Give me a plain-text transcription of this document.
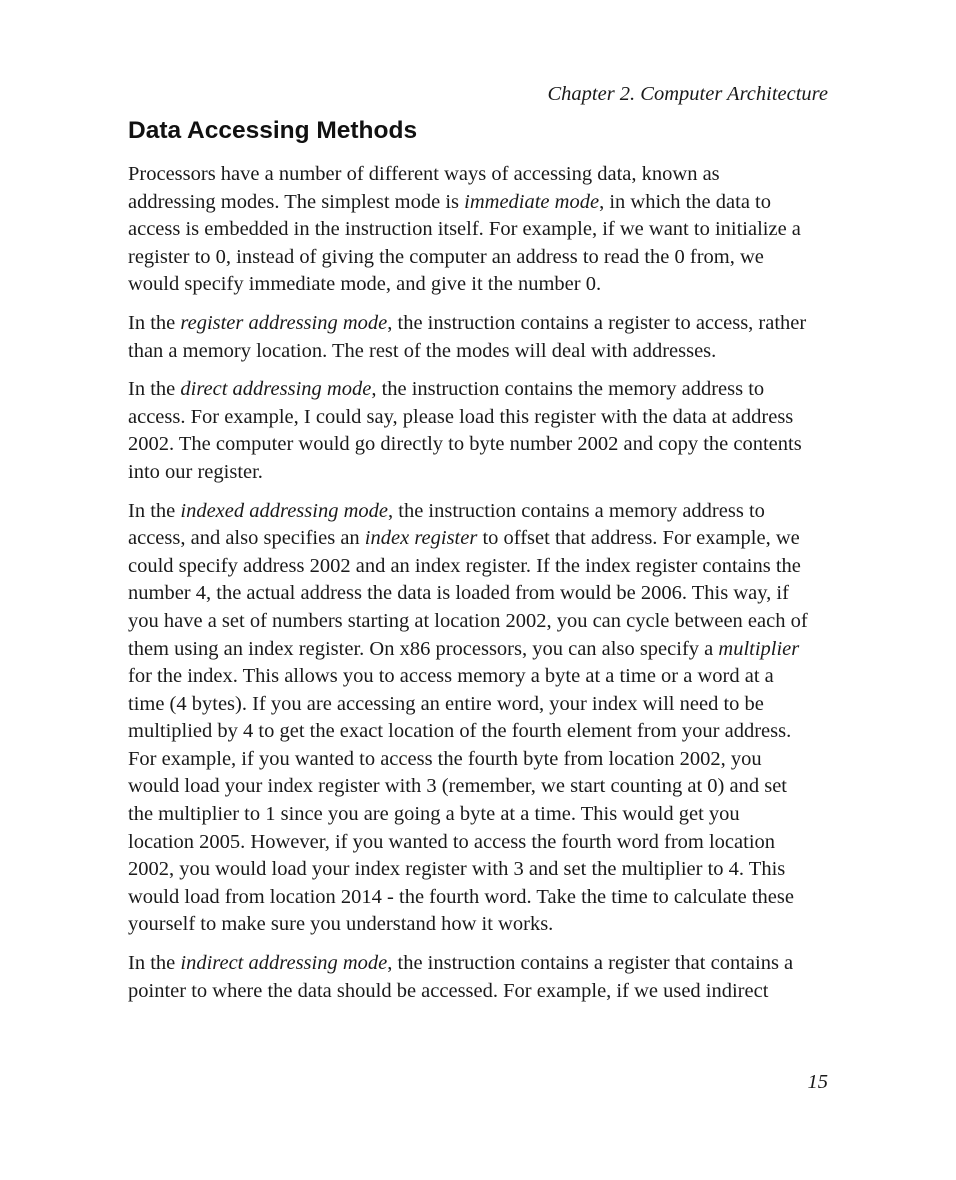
Chapter 2. Computer Architecture
Data Accessing Methods

Processors have a number of different ways of accessing data, known as
addressing modes. The simplest mode is immediate mode, in which the data to
access is embedded in the instruction itself. For example, if we want to initialize a
register to 0, instead of giving the computer an address to read the 0 from, we
would specify immediate mode, and give it the number 0.

In the register addressing mode, the instruction contains a register to access, rather
than a memory location. The rest of the modes will deal with addresses.

In the direct addressing mode, the instruction contains the memory address to
access. For example, I could say, please load this register with the data at address
2002. The computer would go directly to byte number 2002 and copy the contents
into our register.

In the indexed addressing mode, the instruction contains a memory address to
access, and also specifies an index register to offset that address. For example, we
could specify address 2002 and an index register. If the index register contains the
number 4, the actual address the data is loaded from would be 2006. This way, if
you have a set of numbers starting at location 2002, you can cycle between each of
them using an index register. On x86 processors, you can also specify a multiplier
for the index. This allows you to access memory a byte at a time or a word at a
time (4 bytes). If you are accessing an entire word, your index will need to be
multiplied by 4 to get the exact location of the fourth element from your address.
For example, if you wanted to access the fourth byte from location 2002, you
would load your index register with 3 (remember, we start counting at 0) and set
the multiplier to 1 since you are going a byte at a time. This would get you
location 2005. However, if you wanted to access the fourth word from location
2002, you would load your index register with 3 and set the multiplier to 4. This
would load from location 2014 - the fourth word. Take the time to calculate these
yourself to make sure you understand how it works.

In the indirect addressing mode, the instruction contains a register that contains a
pointer to where the data should be accessed. For example, if we used indirect

15
